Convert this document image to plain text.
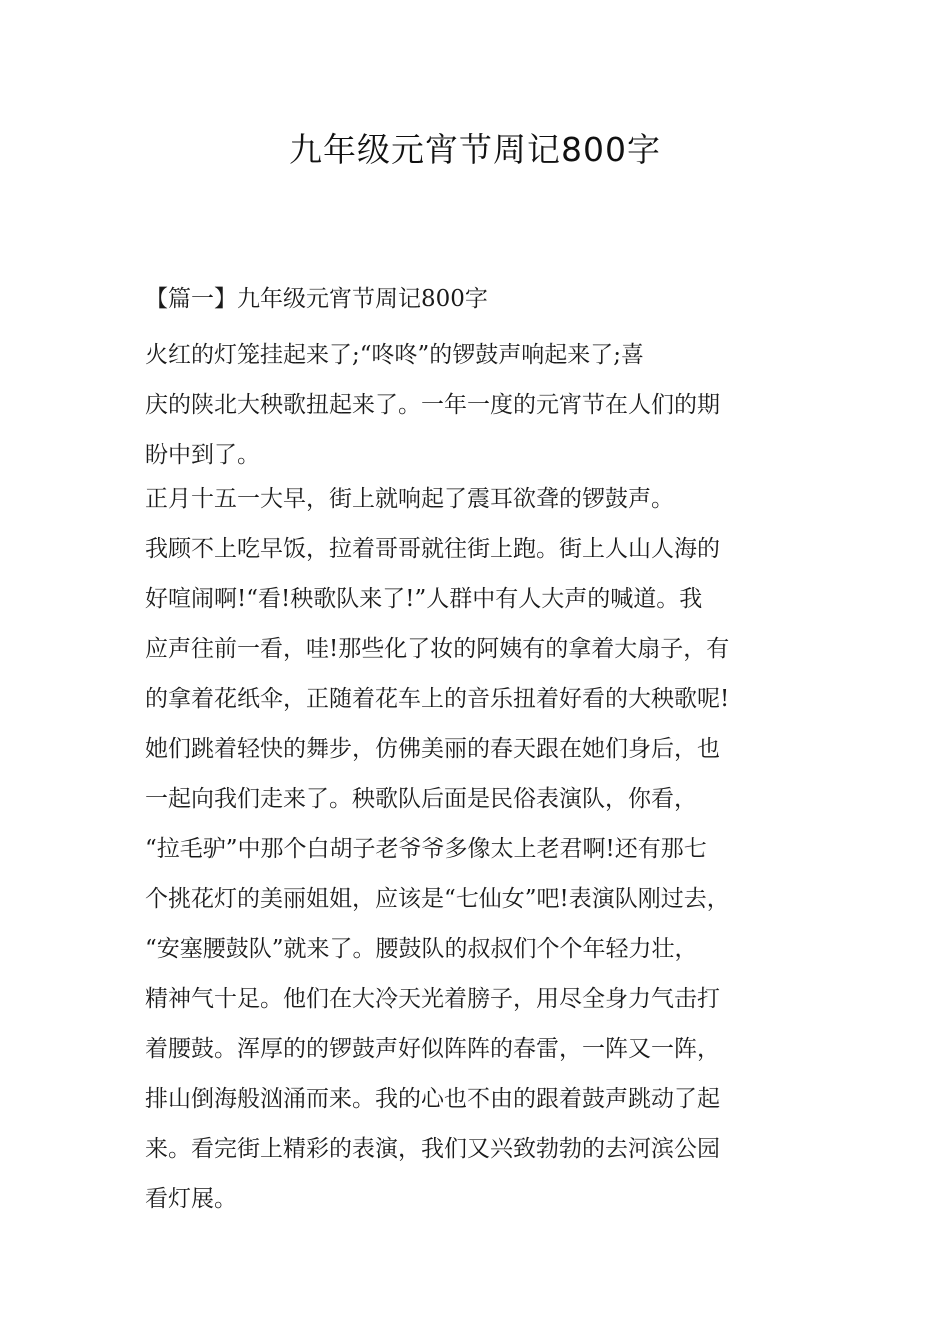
九年级元宵节周记800字
【篇一】九年级元宵节周记800字
火红的灯笼挂起来了;“咚咚”的锣鼓声响起来了;喜
庆的陕北大秧歌扭起来了。一年一度的元宵节在人们的期
盼中到了。
正月十五一大早，街上就响起了震耳欲聋的锣鼓声。
我顾不上吃早饭，拉着哥哥就往街上跑。街上人山人海的
好喧闹啊!“看!秧歌队来了!”人群中有人大声的喊道。我
应声往前一看，哇!那些化了妆的阿姨有的拿着大扇子，有
的拿着花纸伞，正随着花车上的音乐扭着好看的大秧歌呢!
她们跳着轻快的舞步，仿佛美丽的春天跟在她们身后，也
一起向我们走来了。秧歌队后面是民俗表演队，你看，
“拉毛驴”中那个白胡子老爷爷多像太上老君啊!还有那七
个挑花灯的美丽姐姐，应该是“七仙女”吧!表演队刚过去，
“安塞腰鼓队”就来了。腰鼓队的叔叔们个个年轻力壮，
精神气十足。他们在大冷天光着膀子，用尽全身力气击打
着腰鼓。浑厚的的锣鼓声好似阵阵的春雷，一阵又一阵，
排山倒海般汹涌而来。我的心也不由的跟着鼓声跳动了起
来。看完街上精彩的表演，我们又兴致勃勃的去河滨公园
看灯展。
